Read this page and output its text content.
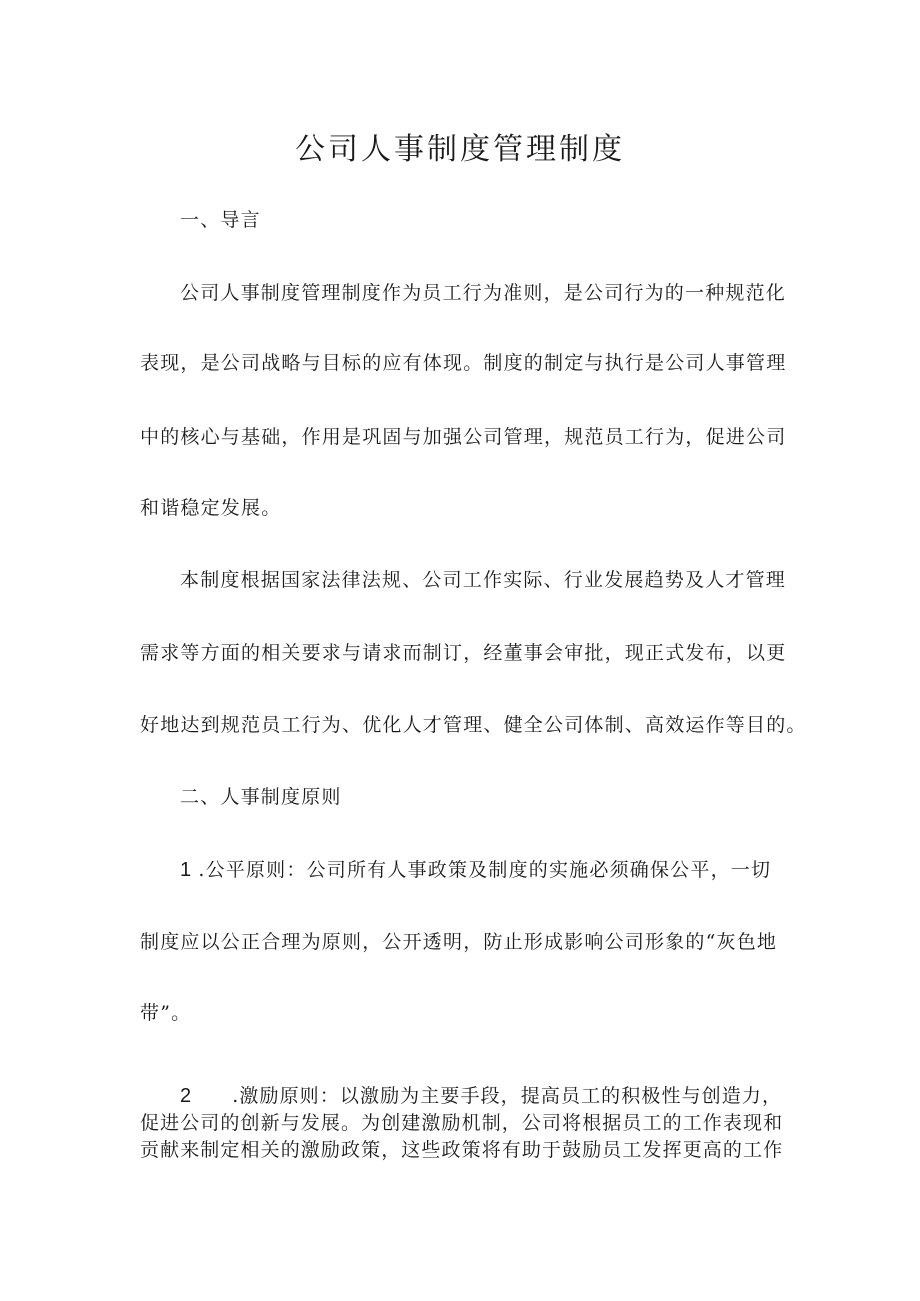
公司人事制度管理制度
一、导言
公司人事制度管理制度作为员工行为准则，是公司行为的一种规范化
表现，是公司战略与目标的应有体现。制度的制定与执行是公司人事管理
中的核心与基础，作用是巩固与加强公司管理，规范员工行为，促进公司
和谐稳定发展。
本制度根据国家法律法规、公司工作实际、行业发展趋势及人才管理
需求等方面的相关要求与请求而制订，经董事会审批，现正式发布，以更
好地达到规范员工行为、优化人才管理、健全公司体制、高效运作等目的。
二、人事制度原则
1 .公平原则：公司所有人事政策及制度的实施必须确保公平，一切
制度应以公正合理为原则，公开透明，防止形成影响公司形象的“灰色地
带”。
2 .激励原则：以激励为主要手段，提高员工的积极性与创造力，
促进公司的创新与发展。为创建激励机制，公司将根据员工的工作表现和
贡献来制定相关的激励政策，这些政策将有助于鼓励员工发挥更高的工作
